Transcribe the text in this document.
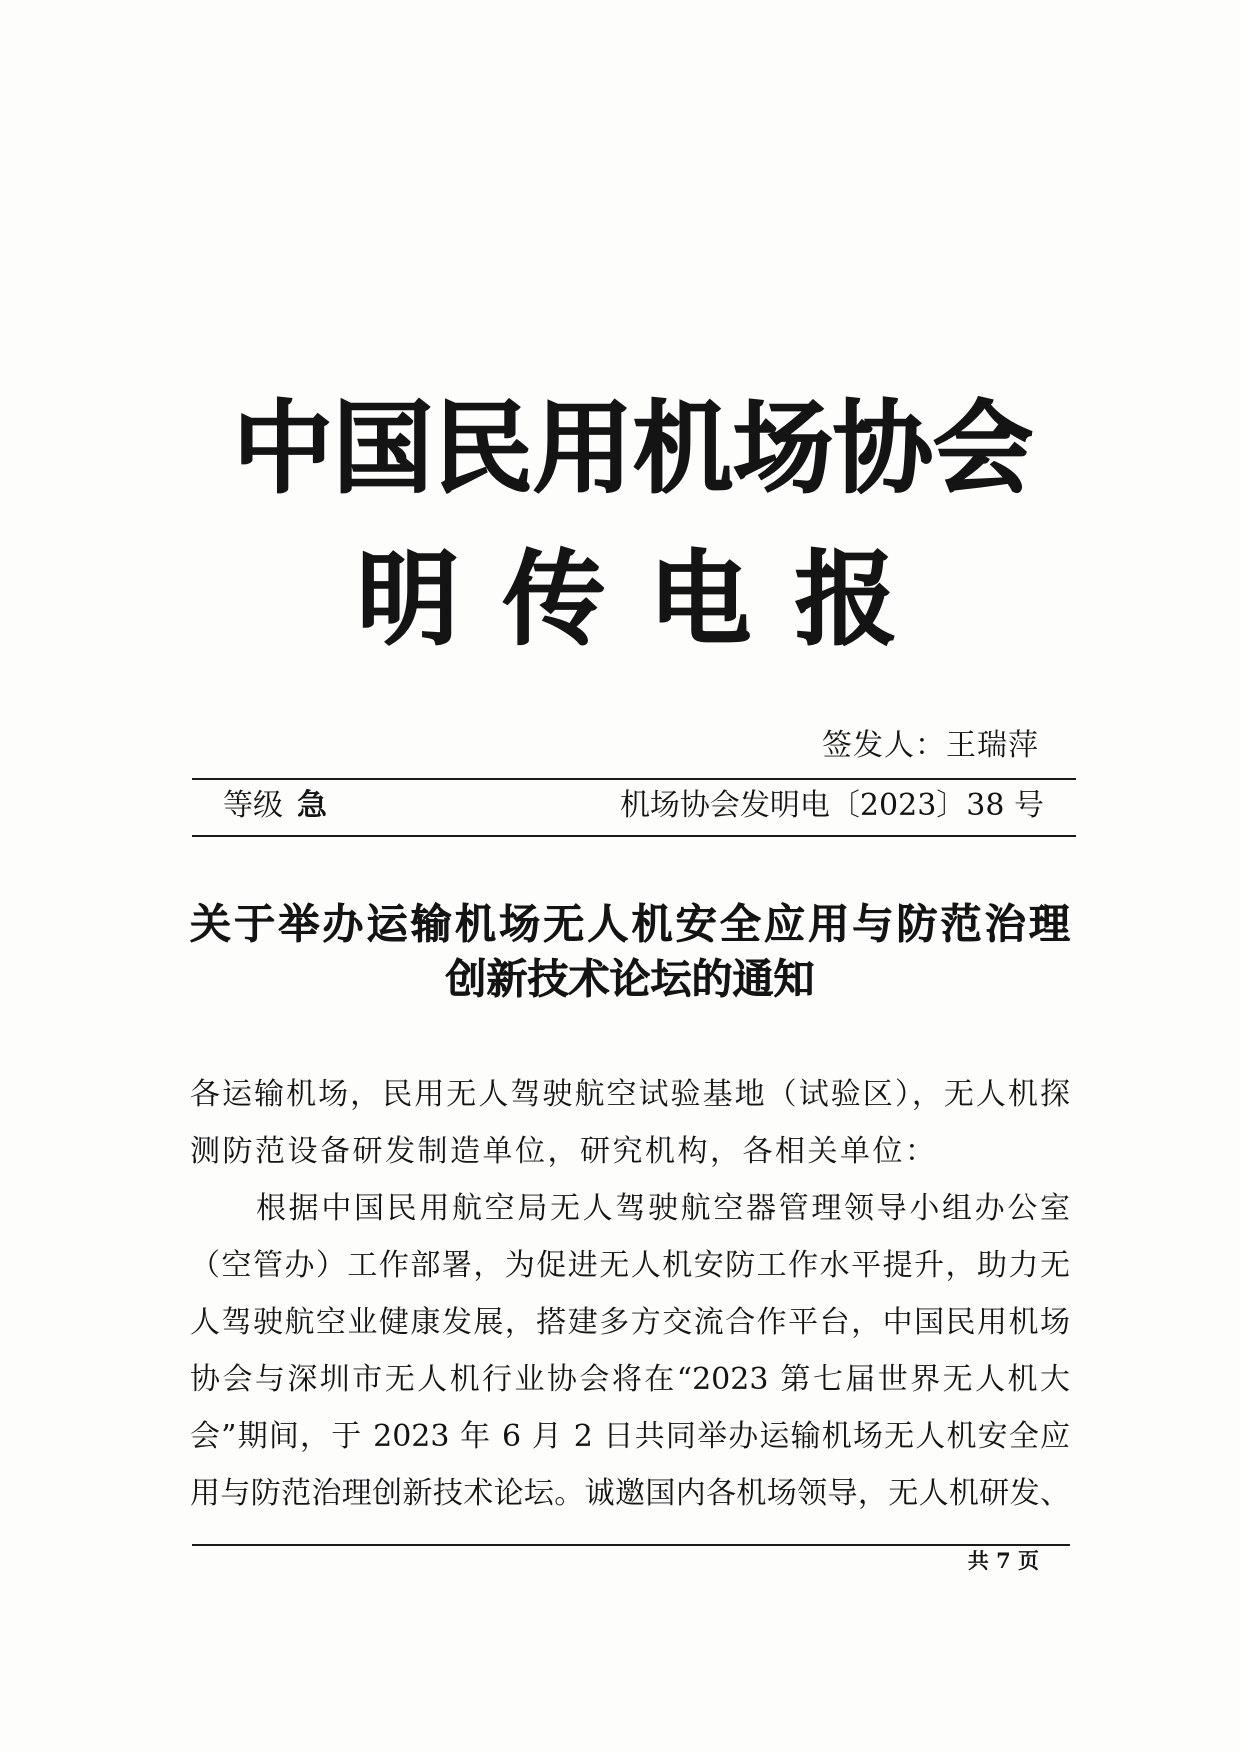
中国民用机场协会
明传电报
签发人：王瑞萍
等级 急	机场协会发明电〔2023〕38 号
关于举办运输机场无人机安全应用与防范治理
创新技术论坛的通知
各运输机场，民用无人驾驶航空试验基地（试验区），无人机探
测防范设备研发制造单位，研究机构，各相关单位：
根据中国民用航空局无人驾驶航空器管理领导小组办公室
（空管办）工作部署，为促进无人机安防工作水平提升，助力无
人驾驶航空业健康发展，搭建多方交流合作平台，中国民用机场
协会与深圳市无人机行业协会将在“2023 第七届世界无人机大
会”期间，于 2023 年 6 月 2 日共同举办运输机场无人机安全应
用与防范治理创新技术论坛。诚邀国内各机场领导，无人机研发、
共 7 页
